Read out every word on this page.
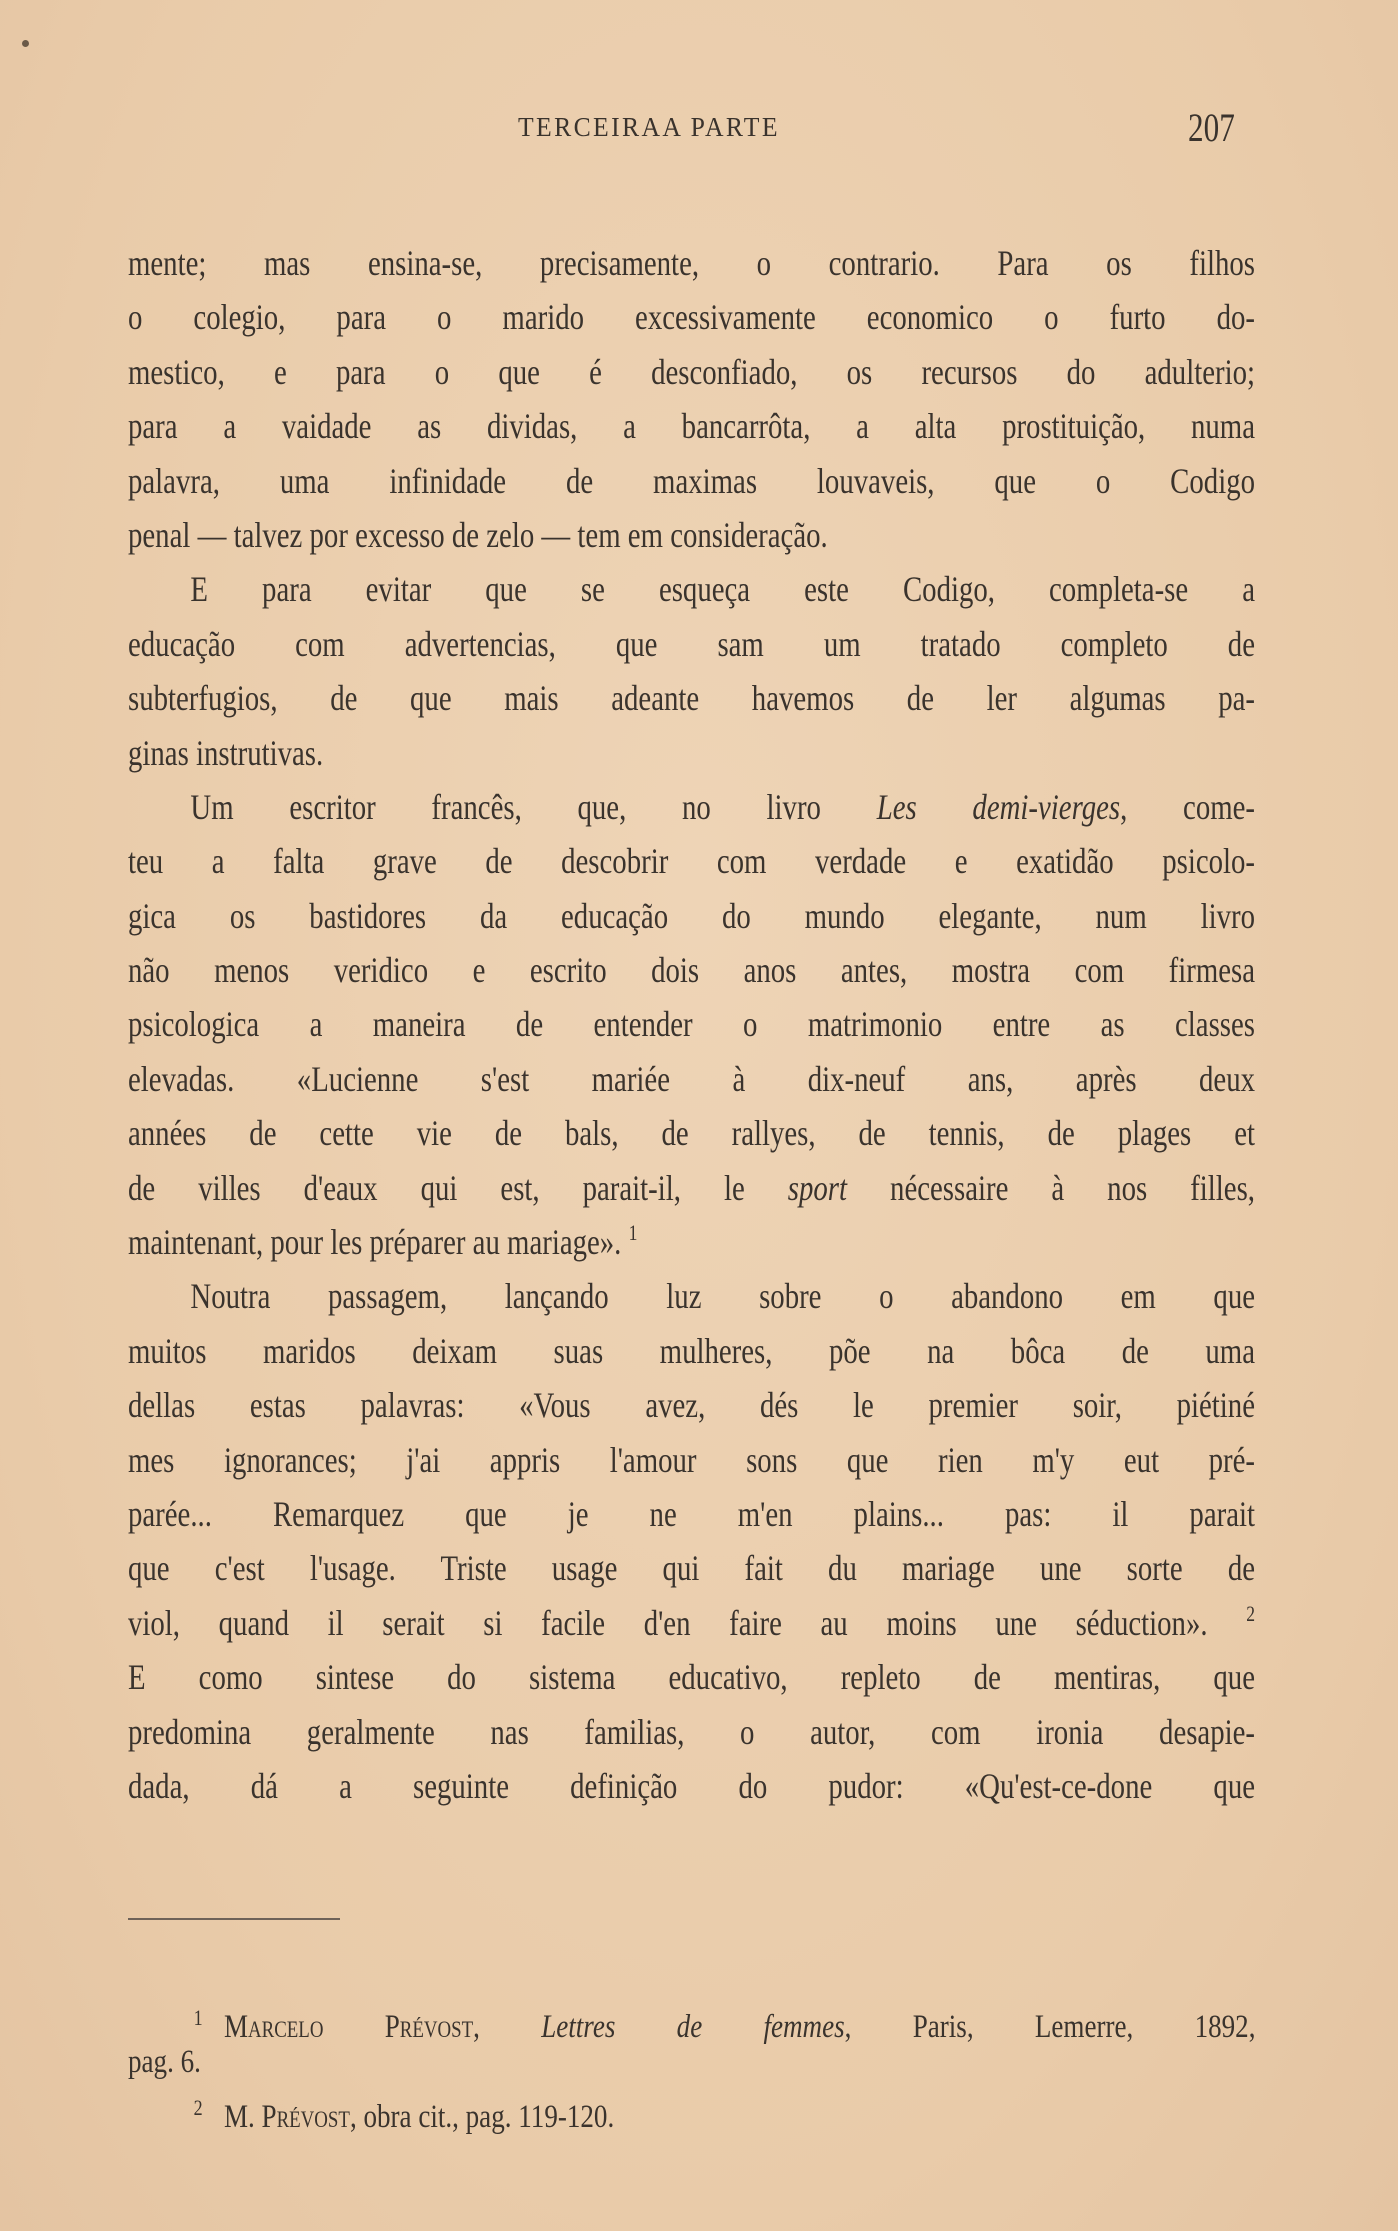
TERCEIRAA PARTE	207
mente; mas ensina-se, precisamente, o contrario. Para os filhos
o colegio, para o marido excessivamente economico o furto do-
mestico, e para o que é desconfiado, os recursos do adulterio;
para a vaidade as dividas, a bancarrôta, a alta prostituição, numa
palavra, uma infinidade de maximas louvaveis, que o Codigo
penal — talvez por excesso de zelo — tem em consideração.
E para evitar que se esqueça este Codigo, completa-se a
educação com advertencias, que sam um tratado completo de
subterfugios, de que mais adeante havemos de ler algumas pa-
ginas instrutivas.
Um escritor francês, que, no livro Les demi-vierges, come-
teu a falta grave de descobrir com verdade e exatidão psicolo-
gica os bastidores da educação do mundo elegante, num livro
não menos veridico e escrito dois anos antes, mostra com firmesa
psicologica a maneira de entender o matrimonio entre as classes
elevadas. «Lucienne s'est mariée à dix-neuf ans, après deux
années de cette vie de bals, de rallyes, de tennis, de plages et
de villes d'eaux qui est, parait-il, le sport nécessaire à nos filles,
maintenant, pour les préparer au mariage». $^1$
Noutra passagem, lançando luz sobre o abandono em que
muitos maridos deixam suas mulheres, põe na bôca de uma
dellas estas palavras: «Vous avez, dés le premier soir, piétiné
mes ignorances; j'ai appris l'amour sons que rien m'y eut pré-
parée... Remarquez que je ne m'en plains... pas: il parait
que c'est l'usage. Triste usage qui fait du mariage une sorte de
viol, quand il serait si facile d'en faire au moins une séduction». $^2$
E como sintese do sistema educativo, repleto de mentiras, que
predomina geralmente nas familias, o autor, com ironia desapie-
dada, dá a seguinte definição do pudor: «Qu'est-ce-done que
$^1$ Marcelo Prévost, Lettres de femmes, Paris, Lemerre, 1892,
pag. 6.
$^2$ M. Prévost, obra cit., pag. 119-120.
